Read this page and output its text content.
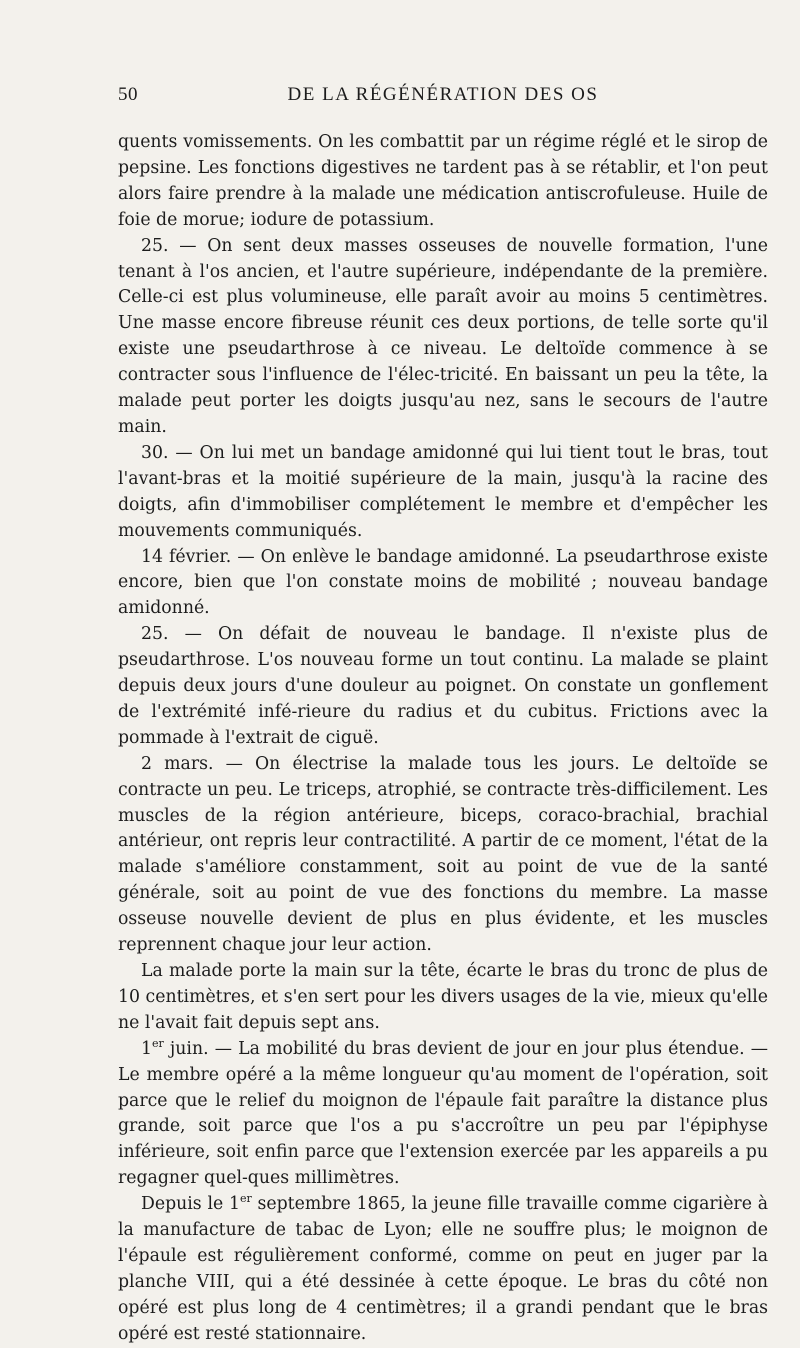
50	DE LA RÉGÉNÉRATION DES OS

quents vomissements. On les combattit par un régime réglé et le sirop de pepsine. Les fonctions digestives ne tardent pas à se rétablir, et l'on peut alors faire prendre à la malade une médication antiscrofuleuse. Huile de foie de morue; iodure de potassium.

25. — On sent deux masses osseuses de nouvelle formation, l'une tenant à l'os ancien, et l'autre supérieure, indépendante de la première. Celle-ci est plus volumineuse, elle paraît avoir au moins 5 centimètres. Une masse encore fibreuse réunit ces deux portions, de telle sorte qu'il existe une pseudarthrose à ce niveau. Le deltoïde commence à se contracter sous l'influence de l'élec-tricité. En baissant un peu la tête, la malade peut porter les doigts jusqu'au nez, sans le secours de l'autre main.

30. — On lui met un bandage amidonné qui lui tient tout le bras, tout l'avant-bras et la moitié supérieure de la main, jusqu'à la racine des doigts, afin d'immobiliser complétement le membre et d'empêcher les mouvements communiqués.

14 février. — On enlève le bandage amidonné. La pseudarthrose existe encore, bien que l'on constate moins de mobilité ; nouveau bandage amidonné.

25. — On défait de nouveau le bandage. Il n'existe plus de pseudarthrose. L'os nouveau forme un tout continu. La malade se plaint depuis deux jours d'une douleur au poignet. On constate un gonflement de l'extrémité infé-rieure du radius et du cubitus. Frictions avec la pommade à l'extrait de ciguë.

2 mars. — On électrise la malade tous les jours. Le deltoïde se contracte un peu. Le triceps, atrophié, se contracte très-difficilement. Les muscles de la région antérieure, biceps, coraco-brachial, brachial antérieur, ont repris leur contractilité. A partir de ce moment, l'état de la malade s'améliore constamment, soit au point de vue de la santé générale, soit au point de vue des fonctions du membre. La masse osseuse nouvelle devient de plus en plus évidente, et les muscles reprennent chaque jour leur action.

La malade porte la main sur la tête, écarte le bras du tronc de plus de 10 centimètres, et s'en sert pour les divers usages de la vie, mieux qu'elle ne l'avait fait depuis sept ans.

1er juin. — La mobilité du bras devient de jour en jour plus étendue. — Le membre opéré a la même longueur qu'au moment de l'opération, soit parce que le relief du moignon de l'épaule fait paraître la distance plus grande, soit parce que l'os a pu s'accroître un peu par l'épiphyse inférieure, soit enfin parce que l'extension exercée par les appareils a pu regagner quel-ques millimètres.

Depuis le 1er septembre 1865, la jeune fille travaille comme cigarière à la manufacture de tabac de Lyon; elle ne souffre plus; le moignon de l'épaule est régulièrement conformé, comme on peut en juger par la planche VIII, qui a été dessinée à cette époque. Le bras du côté non opéré est plus long de 4 centimètres; il a grandi pendant que le bras opéré est resté stationnaire.
